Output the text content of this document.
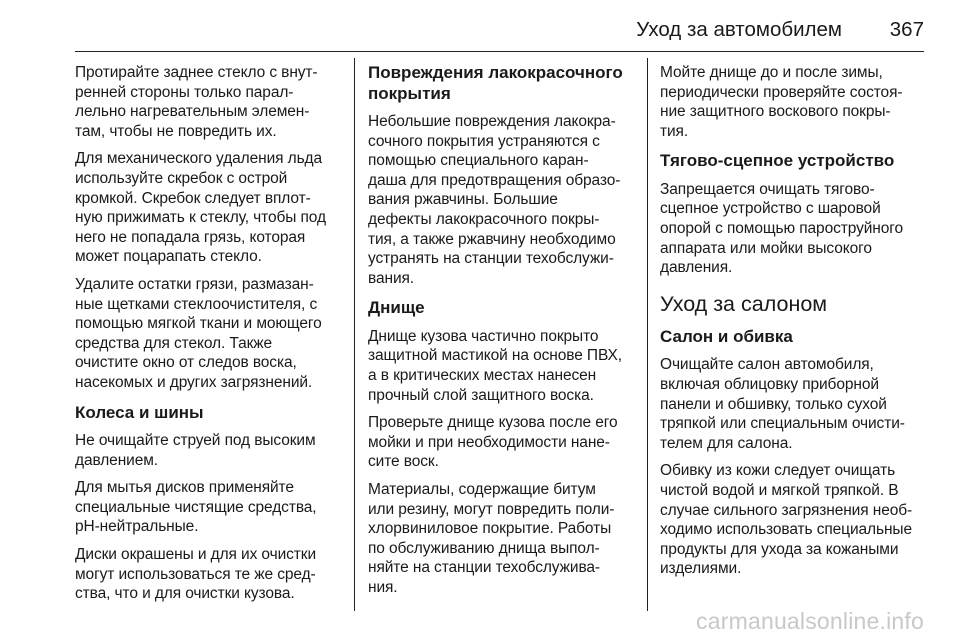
Уход за автомобилем 367

Протирайте заднее стекло с внут-
ренней стороны только парал-
лельно нагревательным элемен-
там, чтобы не повредить их.

Для механического удаления льда
используйте скребок с острой
кромкой. Скребок следует вплот-
ную прижимать к стеклу, чтобы под
него не попадала грязь, которая
может поцарапать стекло.

Удалите остатки грязи, размазан-
ные щетками стеклоочистителя, с
помощью мягкой ткани и моющего
средства для стекол. Также
очистите окно от следов воска,
насекомых и других загрязнений.

Колеса и шины

Не очищайте струей под высоким
давлением.

Для мытья дисков применяйте
специальные чистящие средства,
рН-нейтральные.

Диски окрашены и для их очистки
могут использоваться те же сред-
ства, что и для очистки кузова.

Повреждения лакокрасочного
покрытия

Небольшие повреждения лакокра-
сочного покрытия устраняются с
помощью специального каран-
даша для предотвращения образо-
вания ржавчины. Большие
дефекты лакокрасочного покры-
тия, а также ржавчину необходимо
устранять на станции техобслужи-
вания.

Днище

Днище кузова частично покрыто
защитной мастикой на основе ПВХ,
а в критических местах нанесен
прочный слой защитного воска.

Проверьте днище кузова после его
мойки и при необходимости нане-
сите воск.

Материалы, содержащие битум
или резину, могут повредить поли-
хлорвиниловое покрытие. Работы
по обслуживанию днища выпол-
няйте на станции техобслужива-
ния.

Мойте днище до и после зимы,
периодически проверяйте состоя-
ние защитного воскового покры-
тия.

Тягово-сцепное устройство

Запрещается очищать тягово-
сцепное устройство с шаровой
опорой с помощью пароструйного
аппарата или мойки высокого
давления.

Уход за салоном
Салон и обивка

Очищайте салон автомобиля,
включая облицовку приборной
панели и обшивку, только сухой
тряпкой или специальным очисти-
телем для салона.

Обивку из кожи следует очищать
чистой водой и мягкой тряпкой. В
случае сильного загрязнения необ-
ходимо использовать специальные
продукты для ухода за кожаными
изделиями.

carmanualsonline.info
